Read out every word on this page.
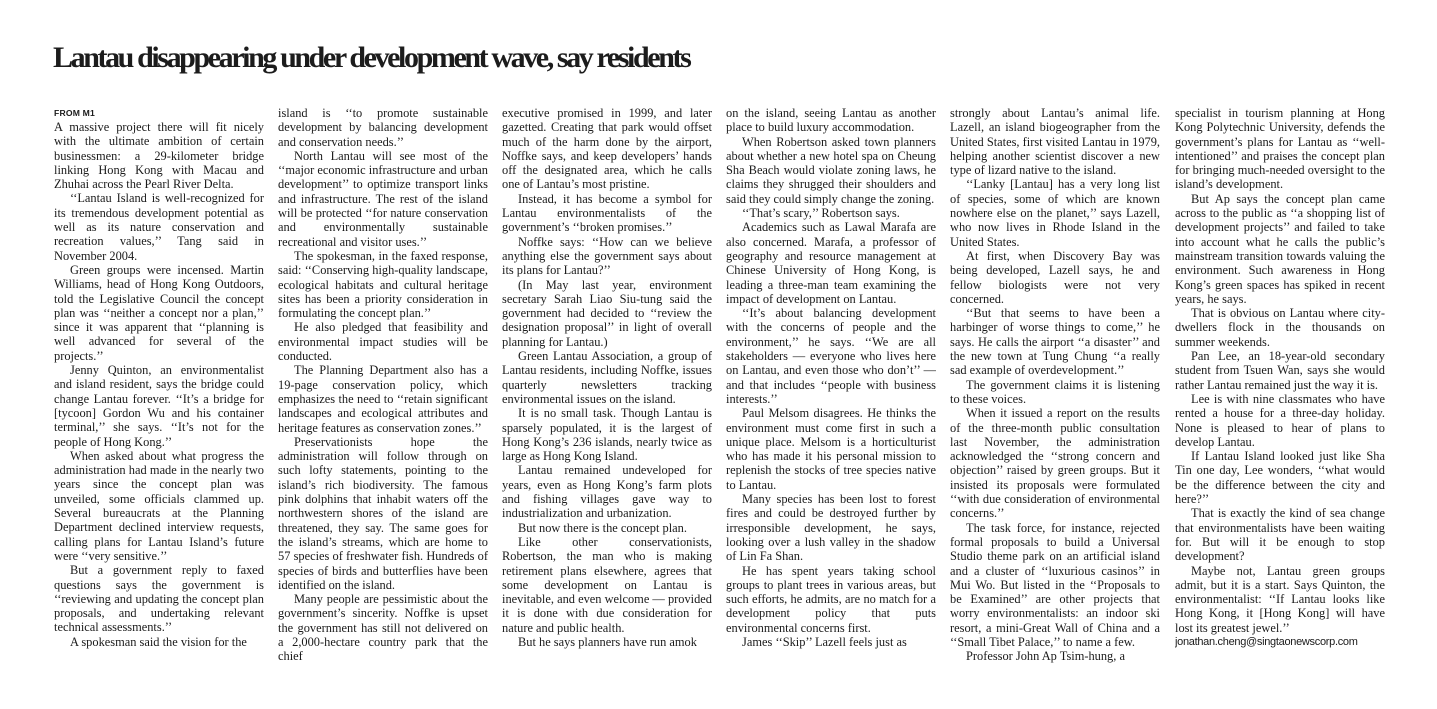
Lantau disappearing under development wave, say residents
FROM M1

A massive project there will fit nicely with the ultimate ambition of certain businessmen: a 29-kilometer bridge linking Hong Kong with Macau and Zhuhai across the Pearl River Delta.

‘‘Lantau Island is well-recognized for its tremendous development potential as well as its nature conservation and recreation values,’’ Tang said in November 2004.

Green groups were incensed. Martin Williams, head of Hong Kong Outdoors, told the Legislative Council the concept plan was ‘‘neither a concept nor a plan,’’ since it was apparent that ‘‘planning is well advanced for several of the projects.’’

Jenny Quinton, an environmentalist and island resident, says the bridge could change Lantau forever. ‘‘It’s a bridge for [tycoon] Gordon Wu and his container terminal,’’ she says. ‘‘It’s not for the people of Hong Kong.’’

When asked about what progress the administration had made in the nearly two years since the concept plan was unveiled, some officials clammed up. Several bureaucrats at the Planning Department declined interview requests, calling plans for Lantau Island’s future were ‘‘very sensitive.’’

But a government reply to faxed questions says the government is ‘‘reviewing and updating the concept plan proposals, and undertaking relevant technical assessments.’’

A spokesman said the vision for the

island is ‘‘to promote sustainable development by balancing development and conservation needs.’’

North Lantau will see most of the ‘‘major economic infrastructure and urban development’’ to optimize transport links and infrastructure. The rest of the island will be protected ‘‘for nature conservation and environmentally sustainable recreational and visitor uses.’’

The spokesman, in the faxed response, said: ‘‘Conserving high-quality landscape, ecological habitats and cultural heritage sites has been a priority consideration in formulating the concept plan.’’

He also pledged that feasibility and environmental impact studies will be conducted.

The Planning Department also has a 19-page conservation policy, which emphasizes the need to ‘‘retain significant landscapes and ecological attributes and heritage features as conservation zones.’’

Preservationists hope the administration will follow through on such lofty statements, pointing to the island’s rich biodiversity. The famous pink dolphins that inhabit waters off the northwestern shores of the island are threatened, they say. The same goes for the island’s streams, which are home to 57 species of freshwater fish. Hundreds of species of birds and butterflies have been identified on the island.

Many people are pessimistic about the government’s sincerity. Noffke is upset the government has still not delivered on a 2,000-hectare country park that the chief

executive promised in 1999, and later gazetted. Creating that park would offset much of the harm done by the airport, Noffke says, and keep developers’ hands off the designated area, which he calls one of Lantau’s most pristine.

Instead, it has become a symbol for Lantau environmentalists of the government’s ‘‘broken promises.’’

Noffke says: ‘‘How can we believe anything else the government says about its plans for Lantau?’’

(In May last year, environment secretary Sarah Liao Siu-tung said the government had decided to ‘‘review the designation proposal’’ in light of overall planning for Lantau.)

Green Lantau Association, a group of Lantau residents, including Noffke, issues quarterly newsletters tracking environmental issues on the island.

It is no small task. Though Lantau is sparsely populated, it is the largest of Hong Kong’s 236 islands, nearly twice as large as Hong Kong Island.

Lantau remained undeveloped for years, even as Hong Kong’s farm plots and fishing villages gave way to industrialization and urbanization.

But now there is the concept plan.

Like other conservationists, Robertson, the man who is making retirement plans elsewhere, agrees that some development on Lantau is inevitable, and even welcome — provided it is done with due consideration for nature and public health.

But he says planners have run amok

on the island, seeing Lantau as another place to build luxury accommodation.

When Robertson asked town planners about whether a new hotel spa on Cheung Sha Beach would violate zoning laws, he claims they shrugged their shoulders and said they could simply change the zoning.

‘‘That’s scary,’’ Robertson says.

Academics such as Lawal Marafa are also concerned. Marafa, a professor of geography and resource management at Chinese University of Hong Kong, is leading a three-man team examining the impact of development on Lantau.

‘‘It’s about balancing development with the concerns of people and the environment,’’ he says. ‘‘We are all stakeholders — everyone who lives here on Lantau, and even those who don’t’’ — and that includes ‘‘people with business interests.’’

Paul Melsom disagrees. He thinks the environment must come first in such a unique place. Melsom is a horticulturist who has made it his personal mission to replenish the stocks of tree species native to Lantau.

Many species has been lost to forest fires and could be destroyed further by irresponsible development, he says, looking over a lush valley in the shadow of Lin Fa Shan.

He has spent years taking school groups to plant trees in various areas, but such efforts, he admits, are no match for a development policy that puts environmental concerns first.

James ‘‘Skip’’ Lazell feels just as

strongly about Lantau’s animal life. Lazell, an island biogeographer from the United States, first visited Lantau in 1979, helping another scientist discover a new type of lizard native to the island.

‘‘Lanky [Lantau] has a very long list of species, some of which are known nowhere else on the planet,’’ says Lazell, who now lives in Rhode Island in the United States.

At first, when Discovery Bay was being developed, Lazell says, he and fellow biologists were not very concerned.

‘‘But that seems to have been a harbinger of worse things to come,’’ he says. He calls the airport ‘‘a disaster’’ and the new town at Tung Chung ‘‘a really sad example of overdevelopment.’’

The government claims it is listening to these voices.

When it issued a report on the results of the three-month public consultation last November, the administration acknowledged the ‘‘strong concern and objection’’ raised by green groups. But it insisted its proposals were formulated ‘‘with due consideration of environmental concerns.’’

The task force, for instance, rejected formal proposals to build a Universal Studio theme park on an artificial island and a cluster of ‘‘luxurious casinos’’ in Mui Wo. But listed in the ‘‘Proposals to be Examined’’ are other projects that worry environmentalists: an indoor ski resort, a mini-Great Wall of China and a ‘‘Small Tibet Palace,’’ to name a few.

Professor John Ap Tsim-hung, a

specialist in tourism planning at Hong Kong Polytechnic University, defends the government’s plans for Lantau as ‘‘well-intentioned’’ and praises the concept plan for bringing much-needed oversight to the island’s development.

But Ap says the concept plan came across to the public as ‘‘a shopping list of development projects’’ and failed to take into account what he calls the public’s mainstream transition towards valuing the environment. Such awareness in Hong Kong’s green spaces has spiked in recent years, he says.

That is obvious on Lantau where city-dwellers flock in the thousands on summer weekends.

Pan Lee, an 18-year-old secondary student from Tsuen Wan, says she would rather Lantau remained just the way it is.

Lee is with nine classmates who have rented a house for a three-day holiday. None is pleased to hear of plans to develop Lantau.

If Lantau Island looked just like Sha Tin one day, Lee wonders, ‘‘what would be the difference between the city and here?’’

That is exactly the kind of sea change that environmentalists have been waiting for. But will it be enough to stop development?

Maybe not, Lantau green groups admit, but it is a start. Says Quinton, the environmentalist: ‘‘If Lantau looks like Hong Kong, it [Hong Kong] will have lost its greatest jewel.’’

jonathan.cheng@singtaonewscorp.com
